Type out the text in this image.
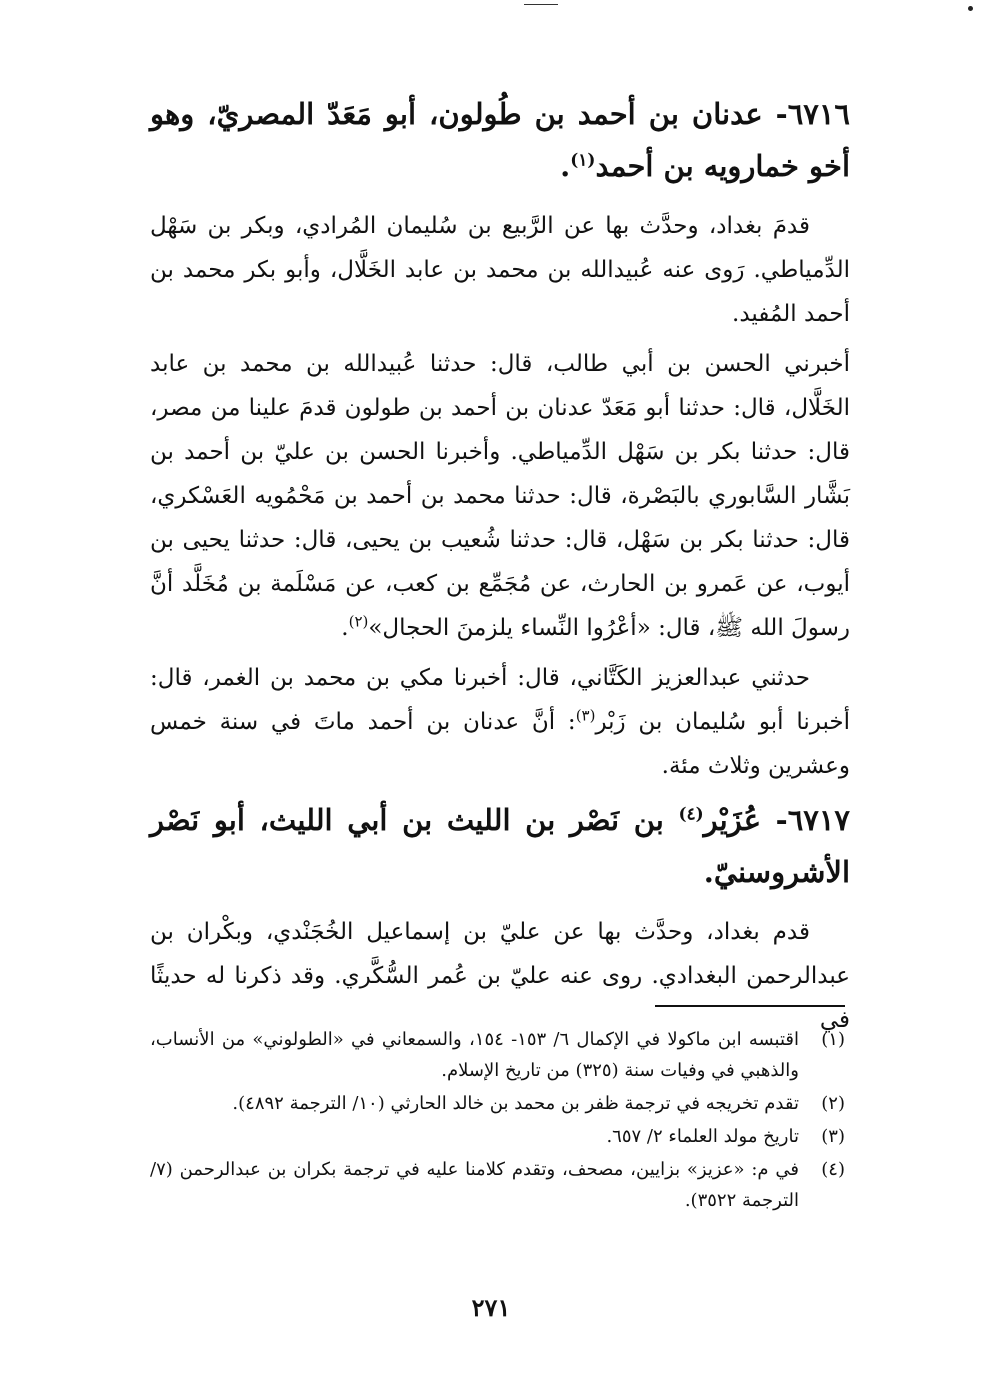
٦٧١٦- عدنان بن أحمد بن طُولون، أبو مَعَدّ المصريّ، وهو أخو خمارويه بن أحمد$^{(١)}$.

قدمَ بغداد، وحدَّث بها عن الرَّبيع بن سُليمان المُرادي، وبكر بن سَهْل الدِّمياطي. رَوى عنه عُبيدالله بن محمد بن عابد الخَلَّال، وأبو بكر محمد بن أحمد المُفيد.

أخبرني الحسن بن أبي طالب، قال: حدثنا عُبيدالله بن محمد بن عابد الخَلَّال، قال: حدثنا أبو مَعَدّ عدنان بن أحمد بن طولون قدمَ علينا من مصر، قال: حدثنا بكر بن سَهْل الدِّمياطي. وأخبرنا الحسن بن عليّ بن أحمد بن بَشَّار السَّابوري بالبَصْرة، قال: حدثنا محمد بن أحمد بن مَحْمُويه العَسْكري، قال: حدثنا بكر بن سَهْل، قال: حدثنا شُعيب بن يحيى، قال: حدثنا يحيى بن أيوب، عن عَمرو بن الحارث، عن مُجَمِّع بن كعب، عن مَسْلَمة بن مُخَلَّد أنَّ رسولَ الله ﷺ، قال: «أعْرُوا النِّساء يلزمنَ الحجال»$^{(٢)}$.

حدثني عبدالعزيز الكَتَّاني، قال: أخبرنا مكي بن محمد بن الغمر، قال: أخبرنا أبو سُليمان بن زَبْر$^{(٣)}$: أنَّ عدنان بن أحمد ماتَ في سنة خمس وعشرين وثلاث مئة.

٦٧١٧- عُزَيْر$^{(٤)}$ بن نَصْر بن الليث بن أبي الليث، أبو نَصْر الأشروسنيّ.

قدم بغداد، وحدَّث بها عن عليّ بن إسماعيل الخُجَنْدي، وبكْران بن عبدالرحمن البغدادي. روى عنه عليّ بن عُمر السُّكَّري. وقد ذكرنا له حديثًا في

(١)
اقتبسه ابن ماكولا في الإكمال ٦/ ١٥٣- ١٥٤، والسمعاني في «الطولوني» من الأنساب، والذهبي في وفيات سنة (٣٢٥) من تاريخ الإسلام.
(٢)
تقدم تخريجه في ترجمة ظفر بن محمد بن خالد الحارثي (١٠/ الترجمة ٤٨٩٢).
(٣)
تاريخ مولد العلماء ٢/ ٦٥٧.
(٤)
في م: «عزيز» بزايين، مصحف، وتقدم كلامنا عليه في ترجمة بكران بن عبدالرحمن (٧/ الترجمة ٣٥٢٢).
٢٧١
